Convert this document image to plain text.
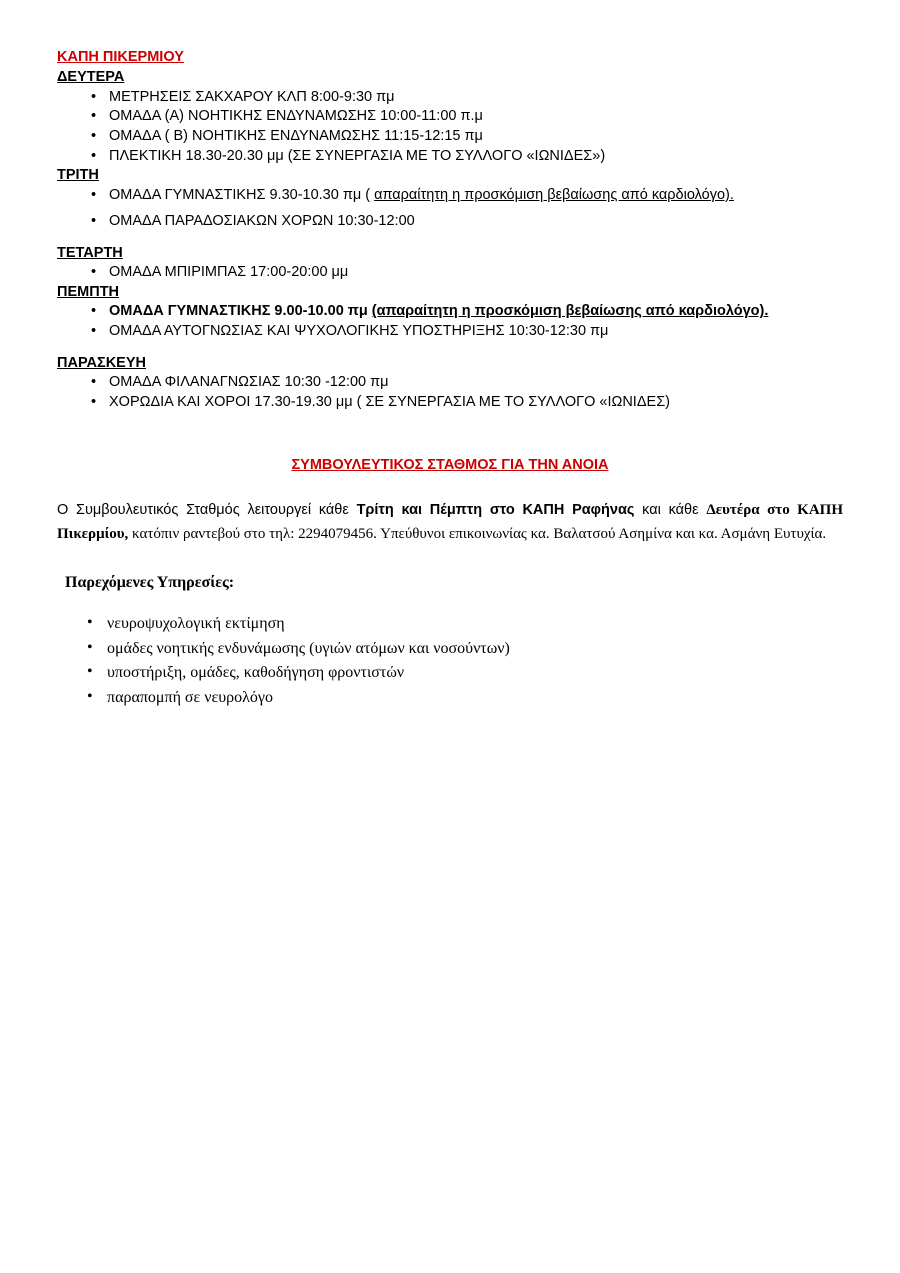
ΚΑΠΗ ΠΙΚΕΡΜΙΟΥ
ΔΕΥΤΕΡΑ
• ΜΕΤΡΗΣΕΙΣ ΣΑΚΧΑΡΟΥ ΚΛΠ 8:00-9:30 πμ
• ΟΜΑΔΑ (Α) ΝΟΗΤΙΚΗΣ ΕΝΔΥΝΑΜΩΣΗΣ 10:00-11:00 π.μ
• ΟΜΑΔΑ ( Β) ΝΟΗΤΙΚΗΣ ΕΝΔΥΝΑΜΩΣΗΣ 11:15-12:15 πμ
• ΠΛΕΚΤΙΚΗ 18.30-20.30 μμ (ΣΕ ΣΥΝΕΡΓΑΣΙΑ ΜΕ ΤΟ ΣΥΛΛΟΓΟ «ΙΩΝΙΔΕΣ»)
ΤΡΙΤΗ
• ΟΜΑΔΑ ΓΥΜΝΑΣΤΙΚΗΣ 9.30-10.30 πμ ( απαραίτητη η προσκόμιση βεβαίωσης από καρδιολόγο).
• ΟΜΑΔΑ ΠΑΡΑΔΟΣΙΑΚΩΝ ΧΟΡΩΝ 10:30-12:00
ΤΕΤΑΡΤΗ
• ΟΜΑΔΑ ΜΠΙΡΙΜΠΑΣ 17:00-20:00 μμ
ΠΕΜΠΤΗ
• ΟΜΑΔΑ ΓΥΜΝΑΣΤΙΚΗΣ 9.00-10.00 πμ (απαραίτητη η προσκόμιση βεβαίωσης από καρδιολόγο).
• ΟΜΑΔΑ ΑΥΤΟΓΝΩΣΙΑΣ ΚΑΙ ΨΥΧΟΛΟΓΙΚΗΣ ΥΠΟΣΤΗΡΙΞΗΣ 10:30-12:30 πμ
ΠΑΡΑΣΚΕΥΗ
• ΟΜΑΔΑ ΦΙΛΑΝΑΓΝΩΣΙΑΣ 10:30 -12:00 πμ
• ΧΟΡΩΔΙΑ ΚΑΙ ΧΟΡΟΙ 17.30-19.30 μμ ( ΣΕ ΣΥΝΕΡΓΑΣΙΑ ΜΕ ΤΟ ΣΥΛΛΟΓΟ «ΙΩΝΙΔΕΣ)
ΣΥΜΒΟΥΛΕΥΤΙΚΟΣ ΣΤΑΘΜΟΣ ΓΙΑ ΤΗΝ ΑΝΟΙΑ

Ο Συμβουλευτικός Σταθμός λειτουργεί κάθε Τρίτη και Πέμπτη στο ΚΑΠΗ Ραφήνας και κάθε Δευτέρα στο ΚΑΠΗ Πικερμίου, κατόπιν ραντεβού στο τηλ: 2294079456. Υπεύθυνοι επικοινωνίας κα. Βαλατσού Ασημίνα και κα. Ασμάνη Ευτυχία.

Παρεχόμενες Υπηρεσίες:
• νευροψυχολογική εκτίμηση
• ομάδες νοητικής ενδυνάμωσης (υγιών ατόμων και νοσούντων)
• υποστήριξη, ομάδες, καθοδήγηση φροντιστών
• παραπομπή σε νευρολόγο
